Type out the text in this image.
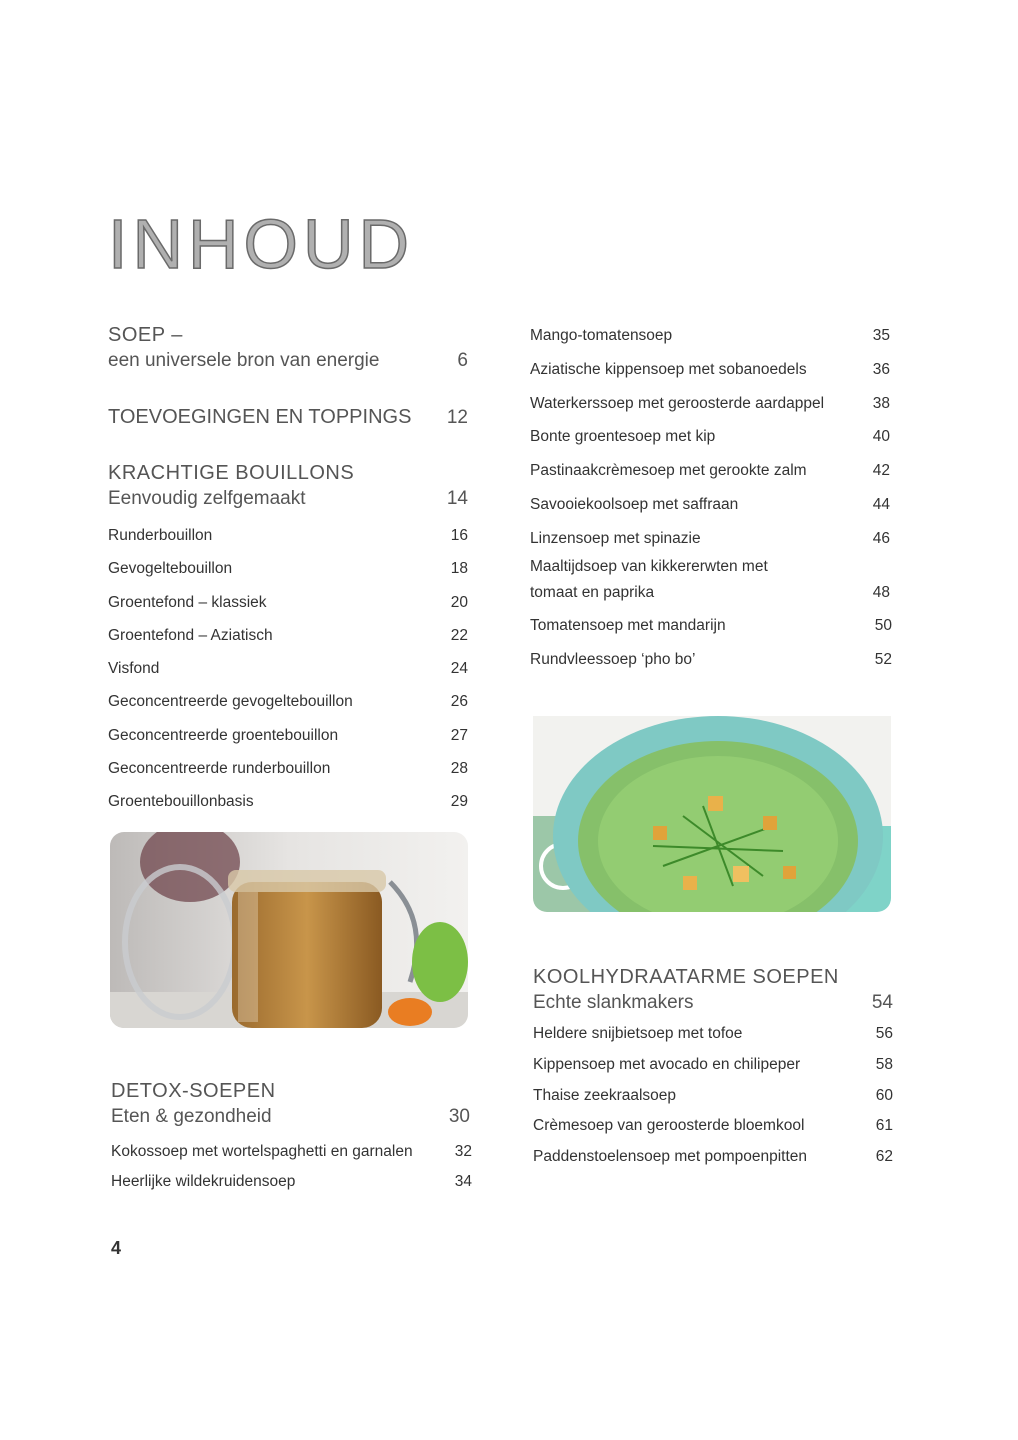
INHOUD
SOEP –
een universele bron van energie	6
TOEVOEGINGEN EN TOPPINGS 12
KRACHTIGE BOUILLONS
Eenvoudig zelfgemaakt	14
Runderbouillon	16
Gevogeltebouillon	18
Groentefond – klassiek	20
Groentefond – Aziatisch	22
Visfond	24
Geconcentreerde gevogeltebouillon	26
Geconcentreerde groentebouillon	27
Geconcentreerde runderbouillon	28
Groentebouillonbasis	29
DETOX-SOEPEN
Eten & gezondheid	30
Kokossoep met wortelspaghetti en garnalen	32
Heerlijke wildekruidensoep	34
Mango-tomatensoep	35
Aziatische kippensoep met sobanoedels	36
Waterkerssoep met geroosterde aardappel	38
Bonte groentesoep met kip	40
Pastinaakcrèmesoep met gerookte zalm	42
Savooiekoolsoep met saffraan	44
Linzensoep met spinazie	46
Maaltijdsoep van kikkererwten met
tomaat en paprika	48
Tomatensoep met mandarijn	50
Rundvleessoep ‘pho bo’	52
KOOLHYDRAATARME SOEPEN
Echte slankmakers	54
Heldere snijbietsoep met tofoe	56
Kippensoep met avocado en chilipeper	58
Thaise zeekraalsoep	60
Crèmesoep van geroosterde bloemkool	61
Paddenstoelensoep met pompoenpitten	62
4
